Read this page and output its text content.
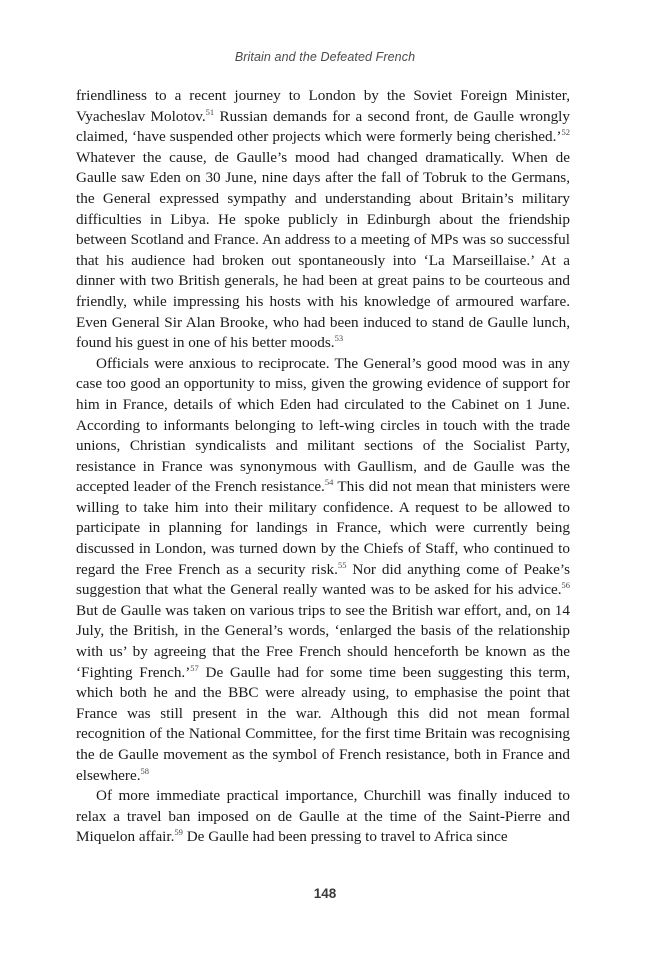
Britain and the Defeated French

friendliness to a recent journey to London by the Soviet Foreign Minister, Vyacheslav Molotov.$^{51}$ Russian demands for a second front, de Gaulle wrongly claimed, ‘have suspended other projects which were formerly being cherished.’$^{52}$ Whatever the cause, de Gaulle’s mood had changed dramatically. When de Gaulle saw Eden on 30 June, nine days after the fall of Tobruk to the Germans, the General expressed sympathy and understanding about Britain’s military difficulties in Libya. He spoke publicly in Edinburgh about the friendship between Scotland and France. An address to a meeting of MPs was so successful that his audience had broken out spontaneously into ‘La Marseillaise.’ At a dinner with two British generals, he had been at great pains to be courteous and friendly, while impressing his hosts with his knowledge of armoured warfare. Even General Sir Alan Brooke, who had been induced to stand de Gaulle lunch, found his guest in one of his better moods.$^{53}$

Officials were anxious to reciprocate. The General’s good mood was in any case too good an opportunity to miss, given the growing evidence of support for him in France, details of which Eden had circulated to the Cabinet on 1 June. According to informants belonging to left-wing circles in touch with the trade unions, Christian syndicalists and militant sections of the Socialist Party, resistance in France was synonymous with Gaullism, and de Gaulle was the accepted leader of the French resistance.$^{54}$ This did not mean that ministers were willing to take him into their military confidence. A request to be allowed to participate in planning for landings in France, which were currently being discussed in London, was turned down by the Chiefs of Staff, who continued to regard the Free French as a security risk.$^{55}$ Nor did anything come of Peake’s suggestion that what the General really wanted was to be asked for his advice.$^{56}$ But de Gaulle was taken on various trips to see the British war effort, and, on 14 July, the British, in the General’s words, ‘enlarged the basis of the relationship with us’ by agreeing that the Free French should henceforth be known as the ‘Fighting French.’$^{57}$ De Gaulle had for some time been suggesting this term, which both he and the BBC were already using, to emphasise the point that France was still present in the war. Although this did not mean formal recognition of the National Committee, for the first time Britain was recognising the de Gaulle movement as the symbol of French resistance, both in France and elsewhere.$^{58}$

Of more immediate practical importance, Churchill was finally induced to relax a travel ban imposed on de Gaulle at the time of the Saint-Pierre and Miquelon affair.$^{59}$ De Gaulle had been pressing to travel to Africa since

148
